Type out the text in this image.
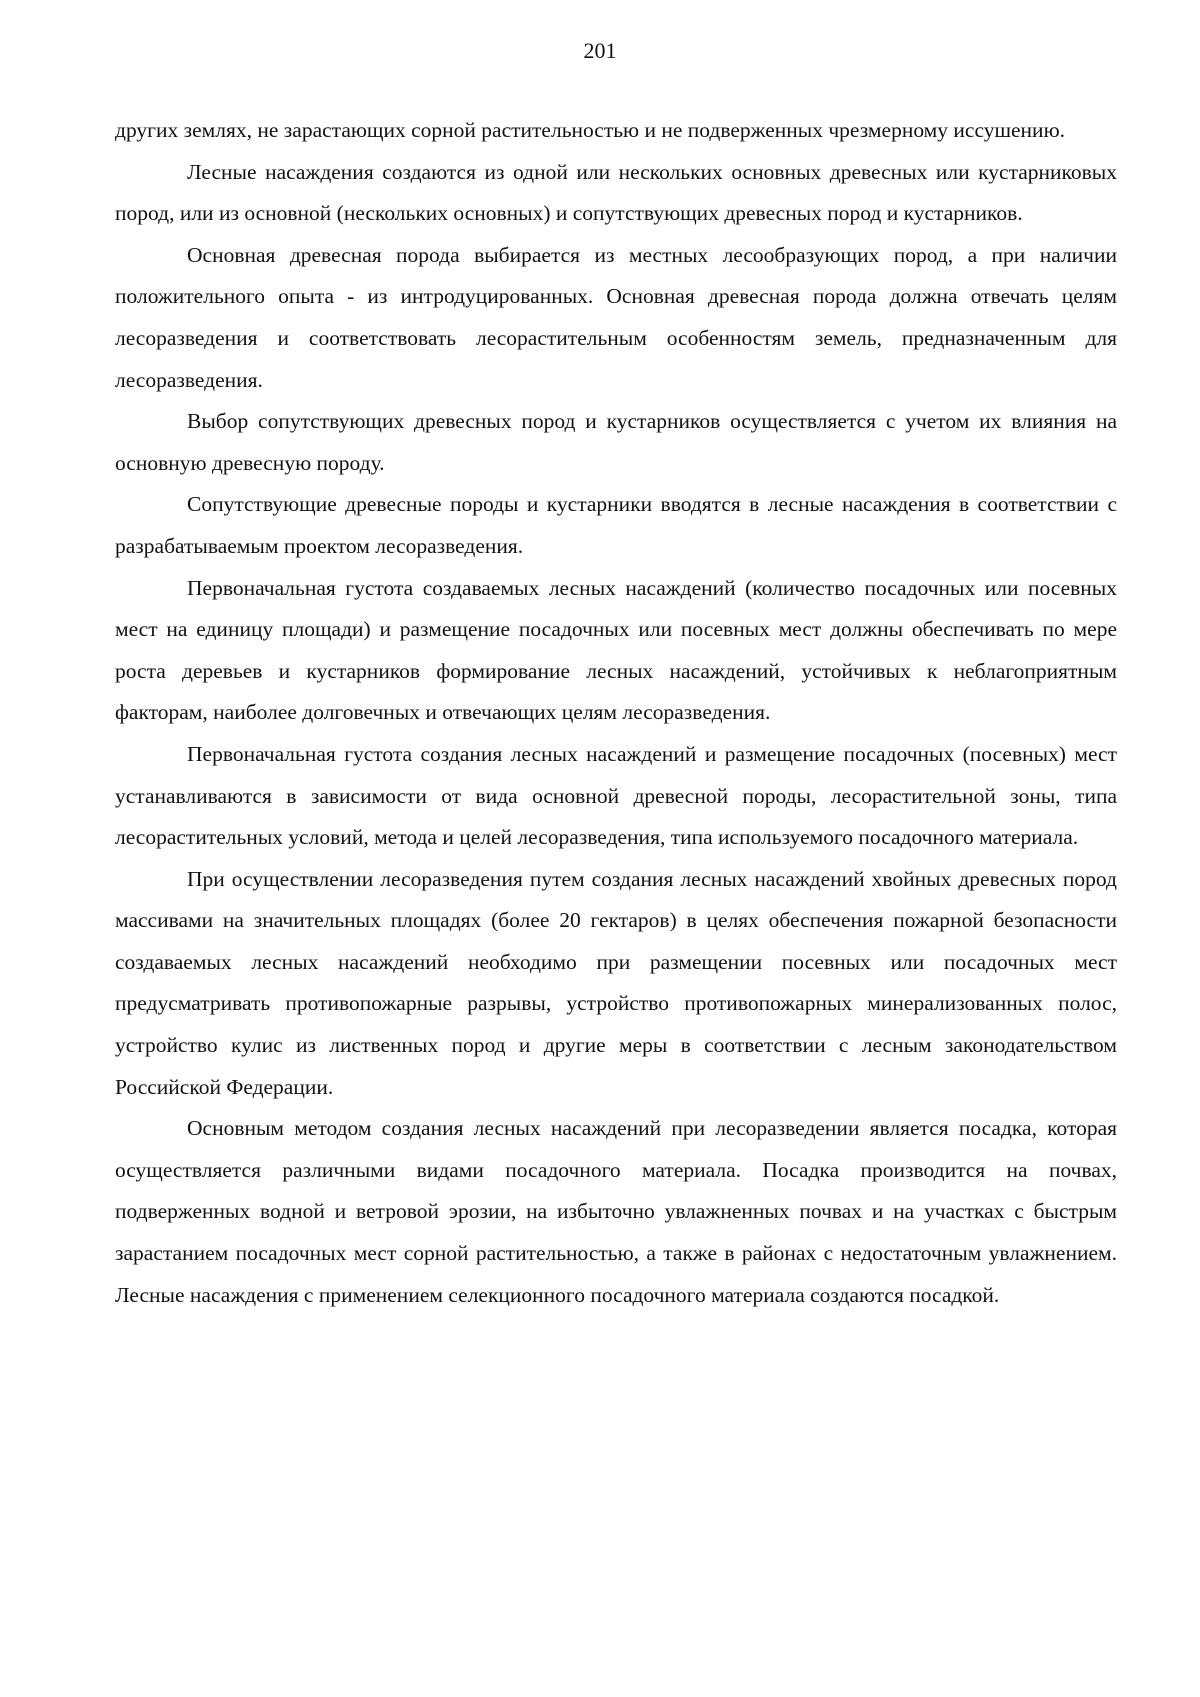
201

других землях, не зарастающих сорной растительностью и не подверженных чрезмерному иссушению.

Лесные насаждения создаются из одной или нескольких основных древесных или кустарниковых пород, или из основной (нескольких основных) и сопутствующих древесных пород и кустарников.

Основная древесная порода выбирается из местных лесообразующих пород, а при наличии положительного опыта - из интродуцированных. Основная древесная порода должна отвечать целям лесоразведения и соответствовать лесорастительным особенностям земель, предназначенным для лесоразведения.

Выбор сопутствующих древесных пород и кустарников осуществляется с учетом их влияния на основную древесную породу.

Сопутствующие древесные породы и кустарники вводятся в лесные насаждения в соответствии с разрабатываемым проектом лесоразведения.

Первоначальная густота создаваемых лесных насаждений (количество посадочных или посевных мест на единицу площади) и размещение посадочных или посевных мест должны обеспечивать по мере роста деревьев и кустарников формирование лесных насаждений, устойчивых к неблагоприятным факторам, наиболее долговечных и отвечающих целям лесоразведения.

Первоначальная густота создания лесных насаждений и размещение посадочных (посевных) мест устанавливаются в зависимости от вида основной древесной породы, лесорастительной зоны, типа лесорастительных условий, метода и целей лесоразведения, типа используемого посадочного материала.

При осуществлении лесоразведения путем создания лесных насаждений хвойных древесных пород массивами на значительных площадях (более 20 гектаров) в целях обеспечения пожарной безопасности создаваемых лесных насаждений необходимо при размещении посевных или посадочных мест предусматривать противопожарные разрывы, устройство противопожарных минерализованных полос, устройство кулис из лиственных пород и другие меры в соответствии с лесным законодательством Российской Федерации.

Основным методом создания лесных насаждений при лесоразведении является посадка, которая осуществляется различными видами посадочного материала. Посадка производится на почвах, подверженных водной и ветровой эрозии, на избыточно увлажненных почвах и на участках с быстрым зарастанием посадочных мест сорной растительностью, а также в районах с недостаточным увлажнением. Лесные насаждения с применением селекционного посадочного материала создаются посадкой.
